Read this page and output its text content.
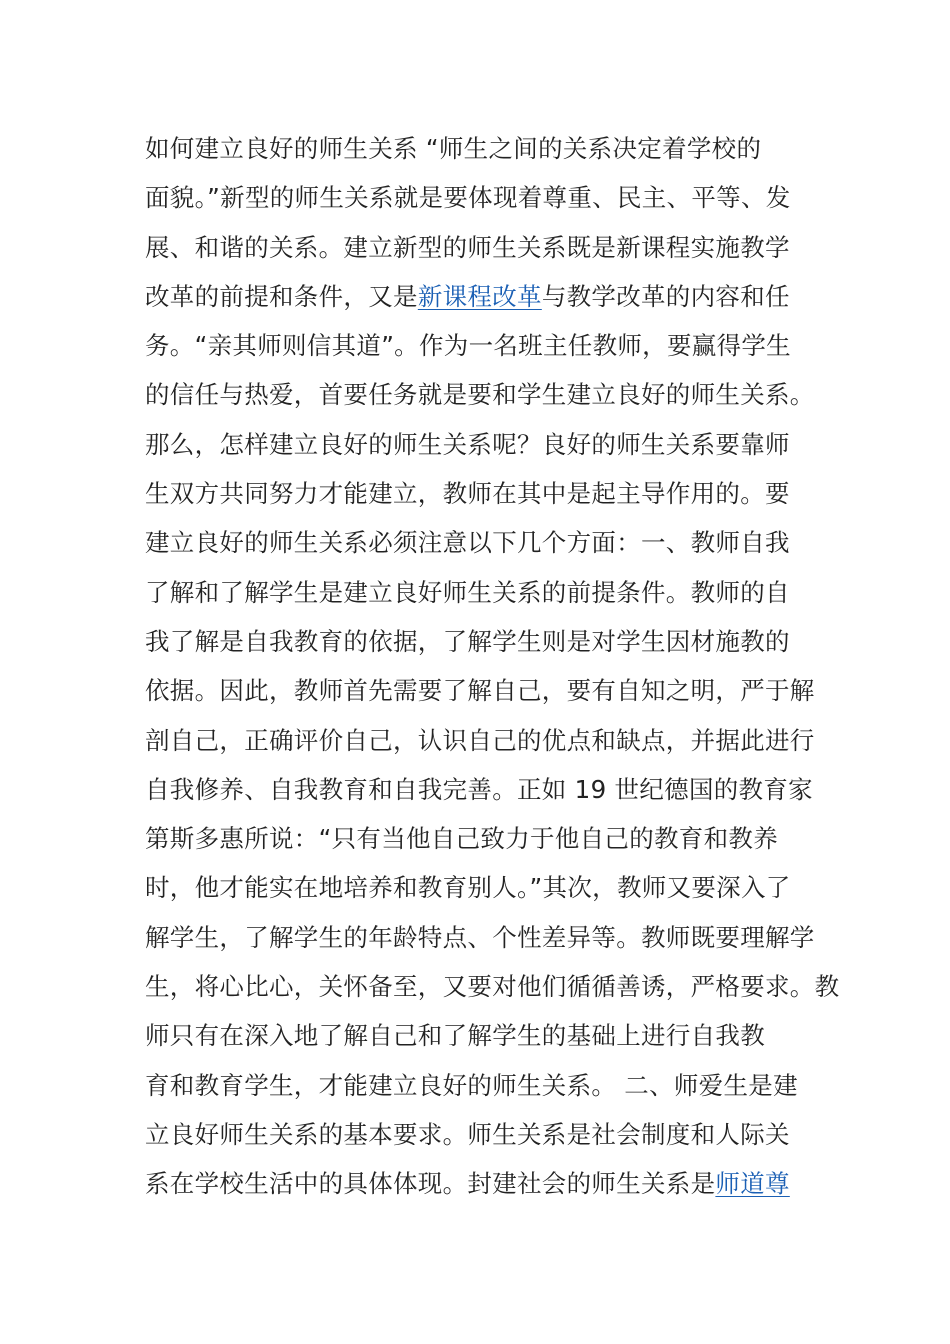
如何建立良好的师生关系 “师生之间的关系决定着学校的
面貌。”新型的师生关系就是要体现着尊重、民主、平等、发
展、和谐的关系。建立新型的师生关系既是新课程实施教学
改革的前提和条件，又是新课程改革与教学改革的内容和任
务。“亲其师则信其道”。作为一名班主任教师，要赢得学生
的信任与热爱，首要任务就是要和学生建立良好的师生关系。
那么，怎样建立良好的师生关系呢？良好的师生关系要靠师
生双方共同努力才能建立，教师在其中是起主导作用的。要
建立良好的师生关系必须注意以下几个方面：一、教师自我
了解和了解学生是建立良好师生关系的前提条件。教师的自
我了解是自我教育的依据，了解学生则是对学生因材施教的
依据。因此，教师首先需要了解自己，要有自知之明，严于解
剖自己，正确评价自己，认识自己的优点和缺点，并据此进行
自我修养、自我教育和自我完善。正如 19 世纪德国的教育家
第斯多惠所说：“只有当他自己致力于他自己的教育和教养
时，他才能实在地培养和教育别人。”其次，教师又要深入了
解学生，了解学生的年龄特点、个性差异等。教师既要理解学
生，将心比心，关怀备至，又要对他们循循善诱，严格要求。教
师只有在深入地了解自己和了解学生的基础上进行自我教
育和教育学生，才能建立良好的师生关系。 二、师爱生是建
立良好师生关系的基本要求。师生关系是社会制度和人际关
系在学校生活中的具体体现。封建社会的师生关系是师道尊
